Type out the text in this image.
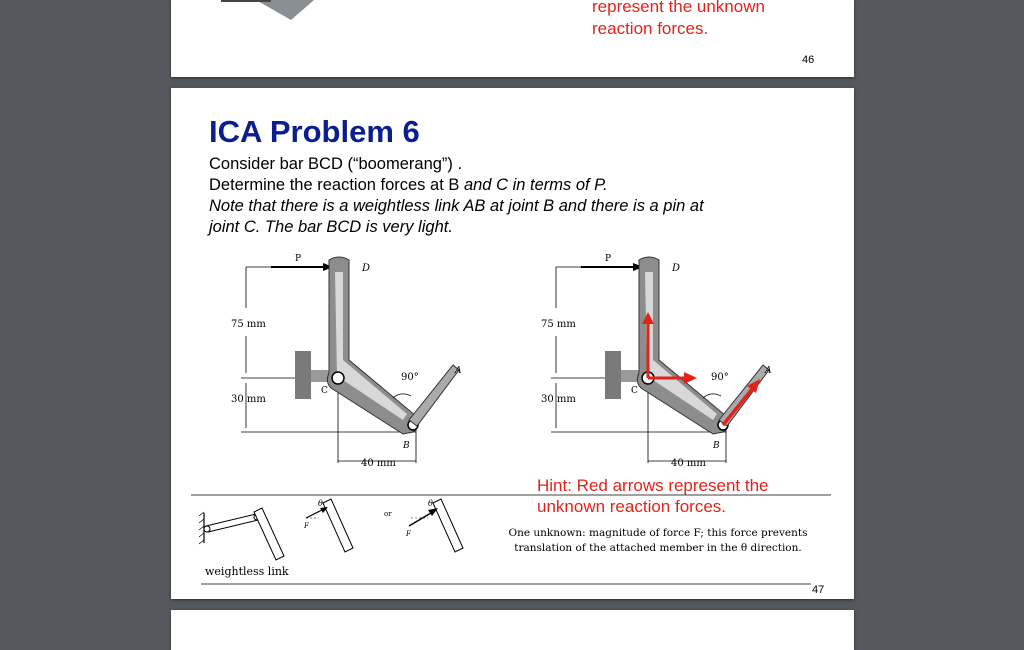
represent the unknown
reaction forces.
46
ICA Problem 6
Consider bar BCD (“boomerang”) .
Determine the reaction forces at B and C in terms of P.
Note that there is a weightless link AB at joint B and there is a pin at
joint C. The bar BCD is very light.
P
D
C
B
A
75 mm
30 mm
40 mm
90°
P
D
C
B
A
75 mm
30 mm
40 mm
90°
Hint: Red arrows represent the
unknown reaction forces.
θ
F
or
θ
F
weightless link
One unknown: magnitude of force F; this force prevents
translation of the attached member in the θ direction.
47
